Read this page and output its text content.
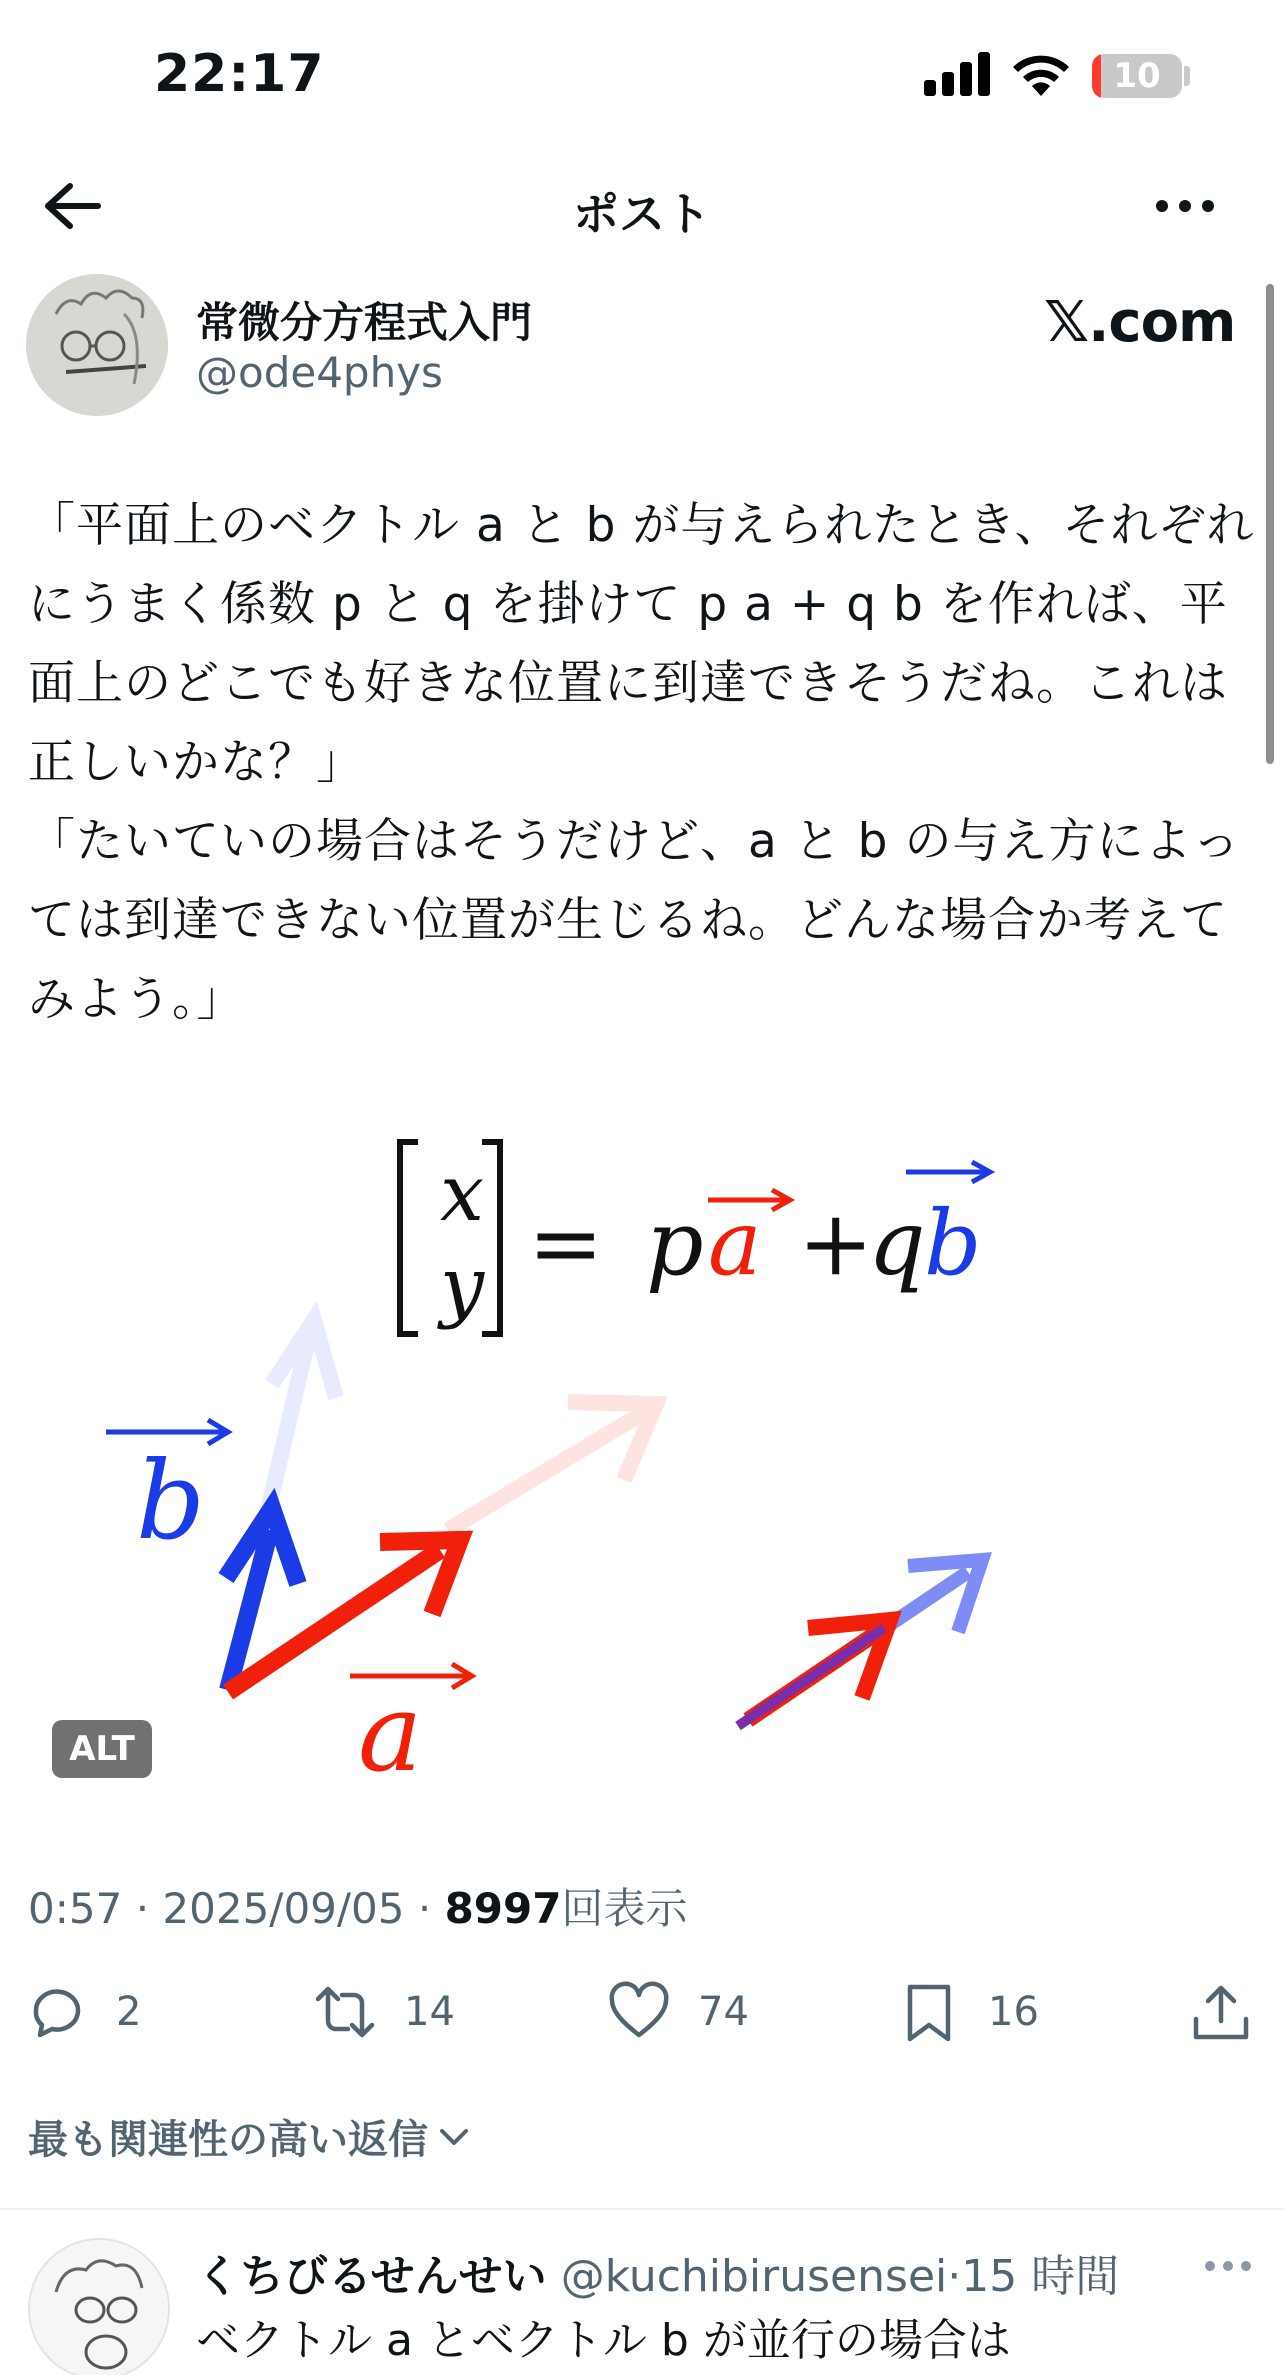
22:17	10
ポスト
常微分方程式入門
@ode4phys
𝕏.com

「平面上のベクトル a と b が与えられたとき、それぞれにうまく係数 p と q を掛けて p a + q b を作れば、平面上のどこでも好きな位置に到達できそうだね。これは正しいかな？」

「たいていの場合はそうだけど、a と b の与え方によっては到達できない位置が生じるね。どんな場合か考えてみよう。」

x
y = p a +
q
b
b
a
ALT
0:57 · 2025/09/05 · 8997回表示
2	14	74	16
最も関連性の高い返信
くちびるせんせい @kuchibirusensei·15 時間
ベクトル a とベクトル b が並行の場合は
